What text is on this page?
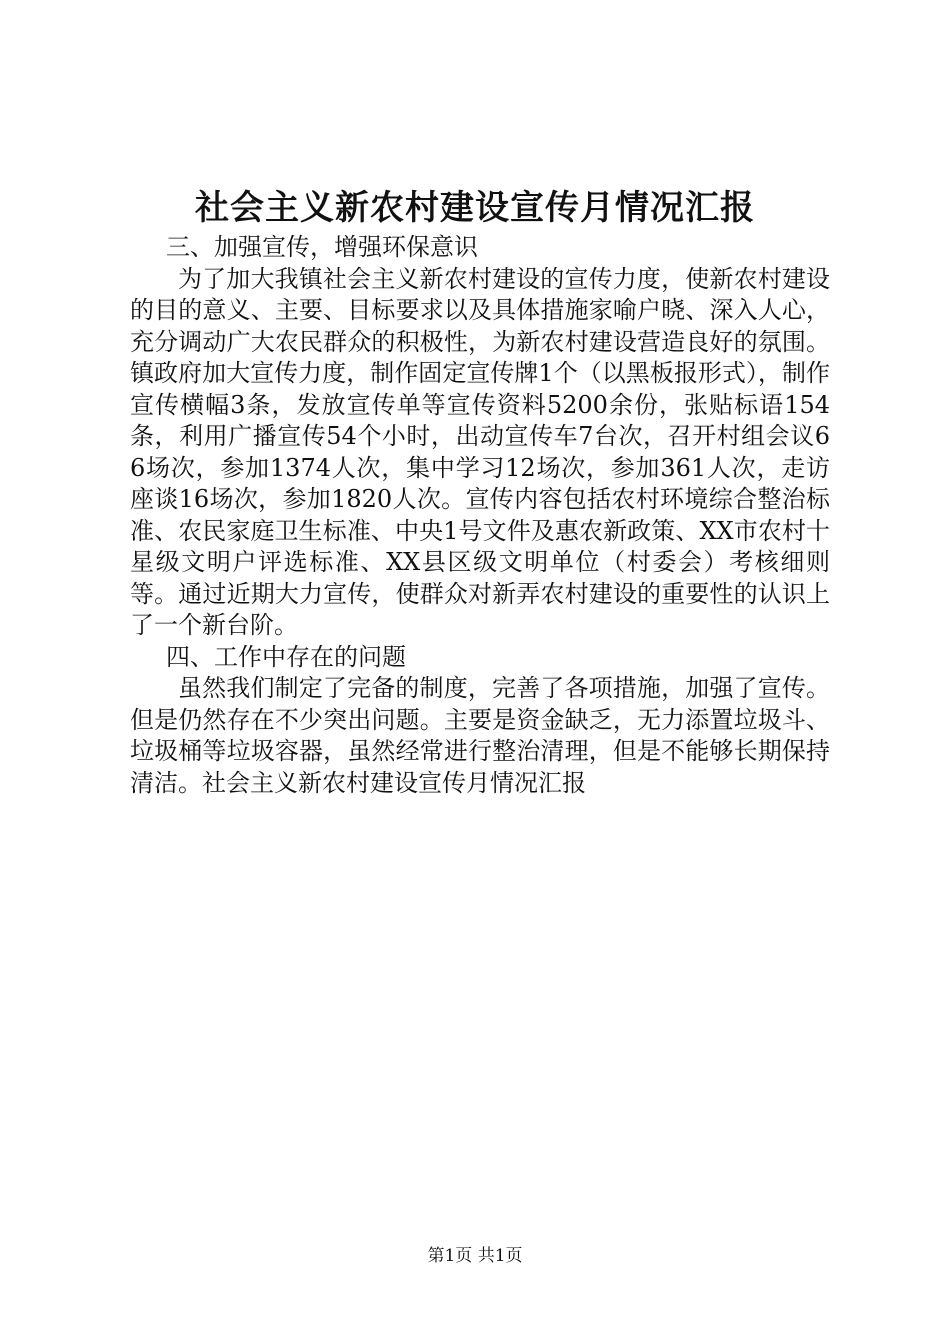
社会主义新农村建设宣传月情况汇报

三、加强宣传，增强环保意识

为了加大我镇社会主义新农村建设的宣传力度，使新农村建设的目的意义、主要、目标要求以及具体措施家喻户晓、深入人心，充分调动广大农民群众的积极性，为新农村建设营造良好的氛围。镇政府加大宣传力度，制作固定宣传牌1个（以黑板报形式），制作宣传横幅3条，发放宣传单等宣传资料5200余份，张贴标语154条，利用广播宣传54个小时，出动宣传车7台次，召开村组会议66场次，参加1374人次，集中学习12场次，参加361人次，走访座谈16场次，参加1820人次。宣传内容包括农村环境综合整治标准、农民家庭卫生标准、中央1号文件及惠农新政策、XX市农村十星级文明户评选标准、XX县区级文明单位（村委会）考核细则等。通过近期大力宣传，使群众对新弄农村建设的重要性的认识上了一个新台阶。

四、工作中存在的问题

虽然我们制定了完备的制度，完善了各项措施，加强了宣传。但是仍然存在不少突出问题。主要是资金缺乏，无力添置垃圾斗、垃圾桶等垃圾容器，虽然经常进行整治清理，但是不能够长期保持清洁。社会主义新农村建设宣传月情况汇报

第1页 共1页
